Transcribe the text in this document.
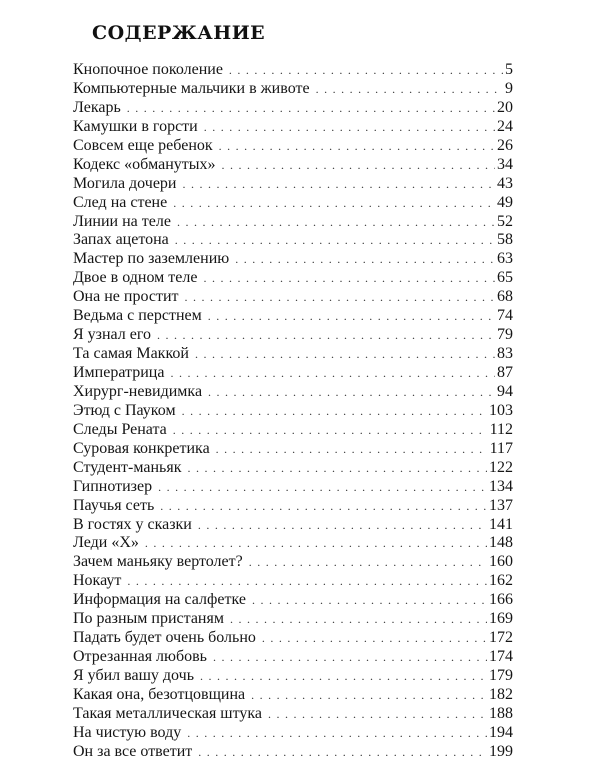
СОДЕРЖАНИЕ
Кнопочное поколение .....	5
Компьютерные мальчики в животе .....	9
Лекарь .....	20
Камушки в горсти .....	24
Совсем еще ребенок .....	26
Кодекс «обманутых» .....	34
Могила дочери .....	43
След на стене .....	49
Линии на теле .....	52
Запах ацетона .....	58
Мастер по заземлению .....	63
Двое в одном теле .....	65
Она не простит .....	68
Ведьма с перстнем .....	74
Я узнал его .....	79
Та самая Маккой .....	83
Императрица .....	87
Хирург-невидимка .....	94
Этюд с Пауком .....	103
Следы Рената .....	112
Суровая конкретика .....	117
Студент-маньяк .....	122
Гипнотизер .....	134
Паучья сеть .....	137
В гостях у сказки .....	141
Леди «Х» .....	148
Зачем маньяку вертолет? .....	160
Нокаут .....	162
Информация на салфетке .....	166
По разным пристаням .....	169
Падать будет очень больно .....	172
Отрезанная любовь .....	174
Я убил вашу дочь .....	179
Какая она, безотцовщина .....	182
Такая металлическая штука .....	188
На чистую воду .....	194
Он за все ответит .....	199
